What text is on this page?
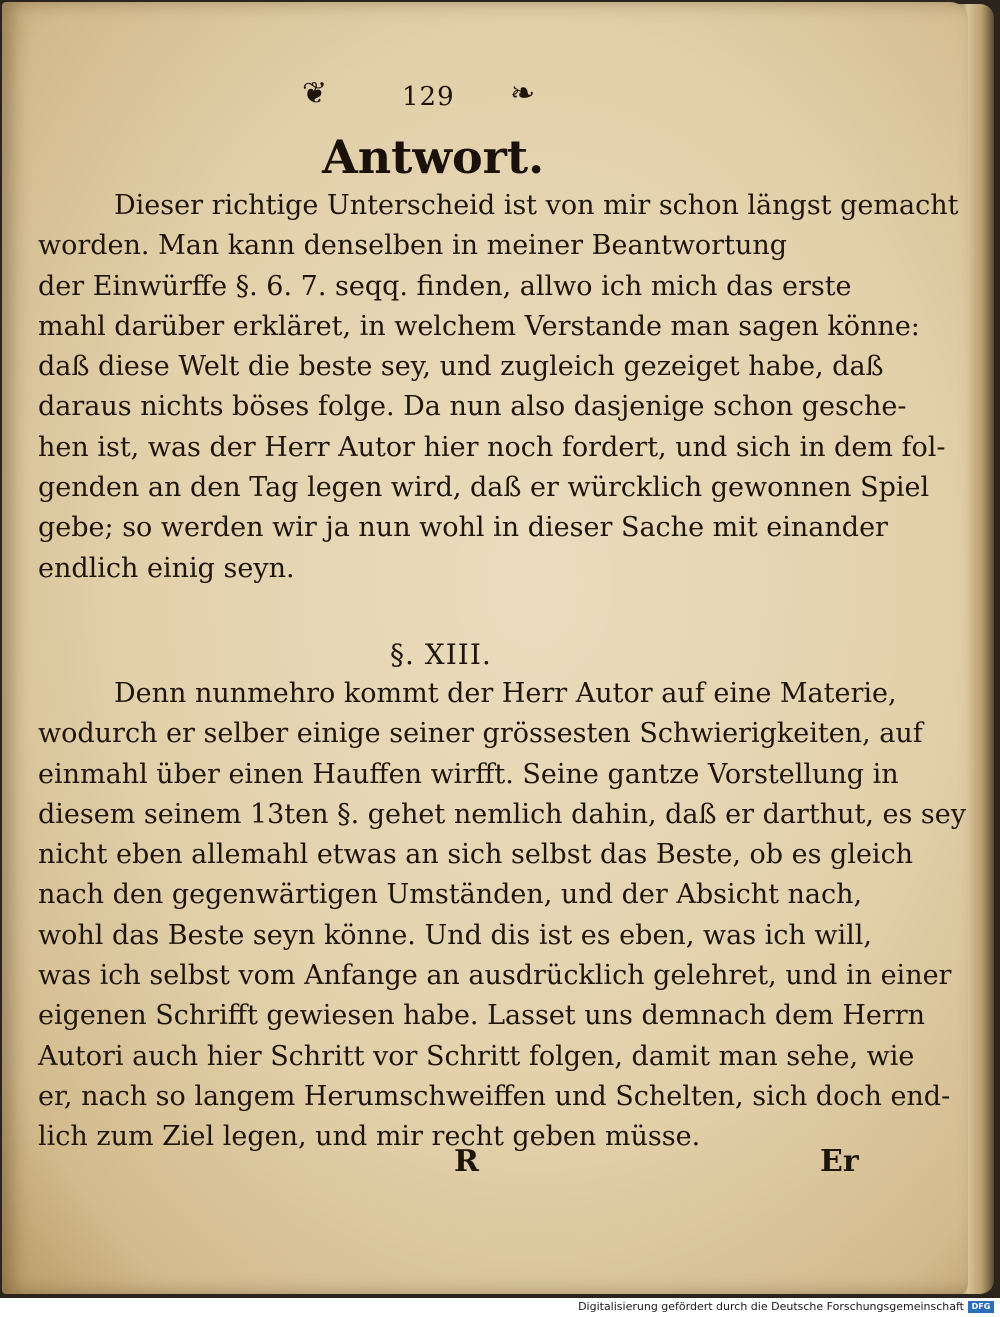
❦	129 ❧
Antwort.
Dieser richtige Unterscheid ist von mir schon längst gemacht
worden. Man kann denselben in meiner Beantwortung
der Einwürffe §. 6. 7. seqq. finden, allwo ich mich das erste
mahl darüber erkläret, in welchem Verstande man sagen könne:
daß diese Welt die beste sey, und zugleich gezeiget habe, daß
daraus nichts böses folge. Da nun also dasjenige schon gesche-
hen ist, was der Herr Autor hier noch fordert, und sich in dem fol-
genden an den Tag legen wird, daß er würcklich gewonnen Spiel
gebe; so werden wir ja nun wohl in dieser Sache mit einander
endlich einig seyn.
§. XIII.
Denn nunmehro kommt der Herr Autor auf eine Materie,
wodurch er selber einige seiner grössesten Schwierigkeiten, auf
einmahl über einen Hauffen wirfft. Seine gantze Vorstellung in
diesem seinem 13ten §. gehet nemlich dahin, daß er darthut, es sey
nicht eben allemahl etwas an sich selbst das Beste, ob es gleich
nach den gegenwärtigen Umständen, und der Absicht nach,
wohl das Beste seyn könne. Und dis ist es eben, was ich will,
was ich selbst vom Anfange an ausdrücklich gelehret, und in einer
eigenen Schrifft gewiesen habe. Lasset uns demnach dem Herrn
Autori auch hier Schritt vor Schritt folgen, damit man sehe, wie
er, nach so langem Herumschweiffen und Schelten, sich doch end-
lich zum Ziel legen, und mir recht geben müsse.
R	Er
Digitalisierung gefördert durch die Deutsche Forschungsgemeinschaft DFG
